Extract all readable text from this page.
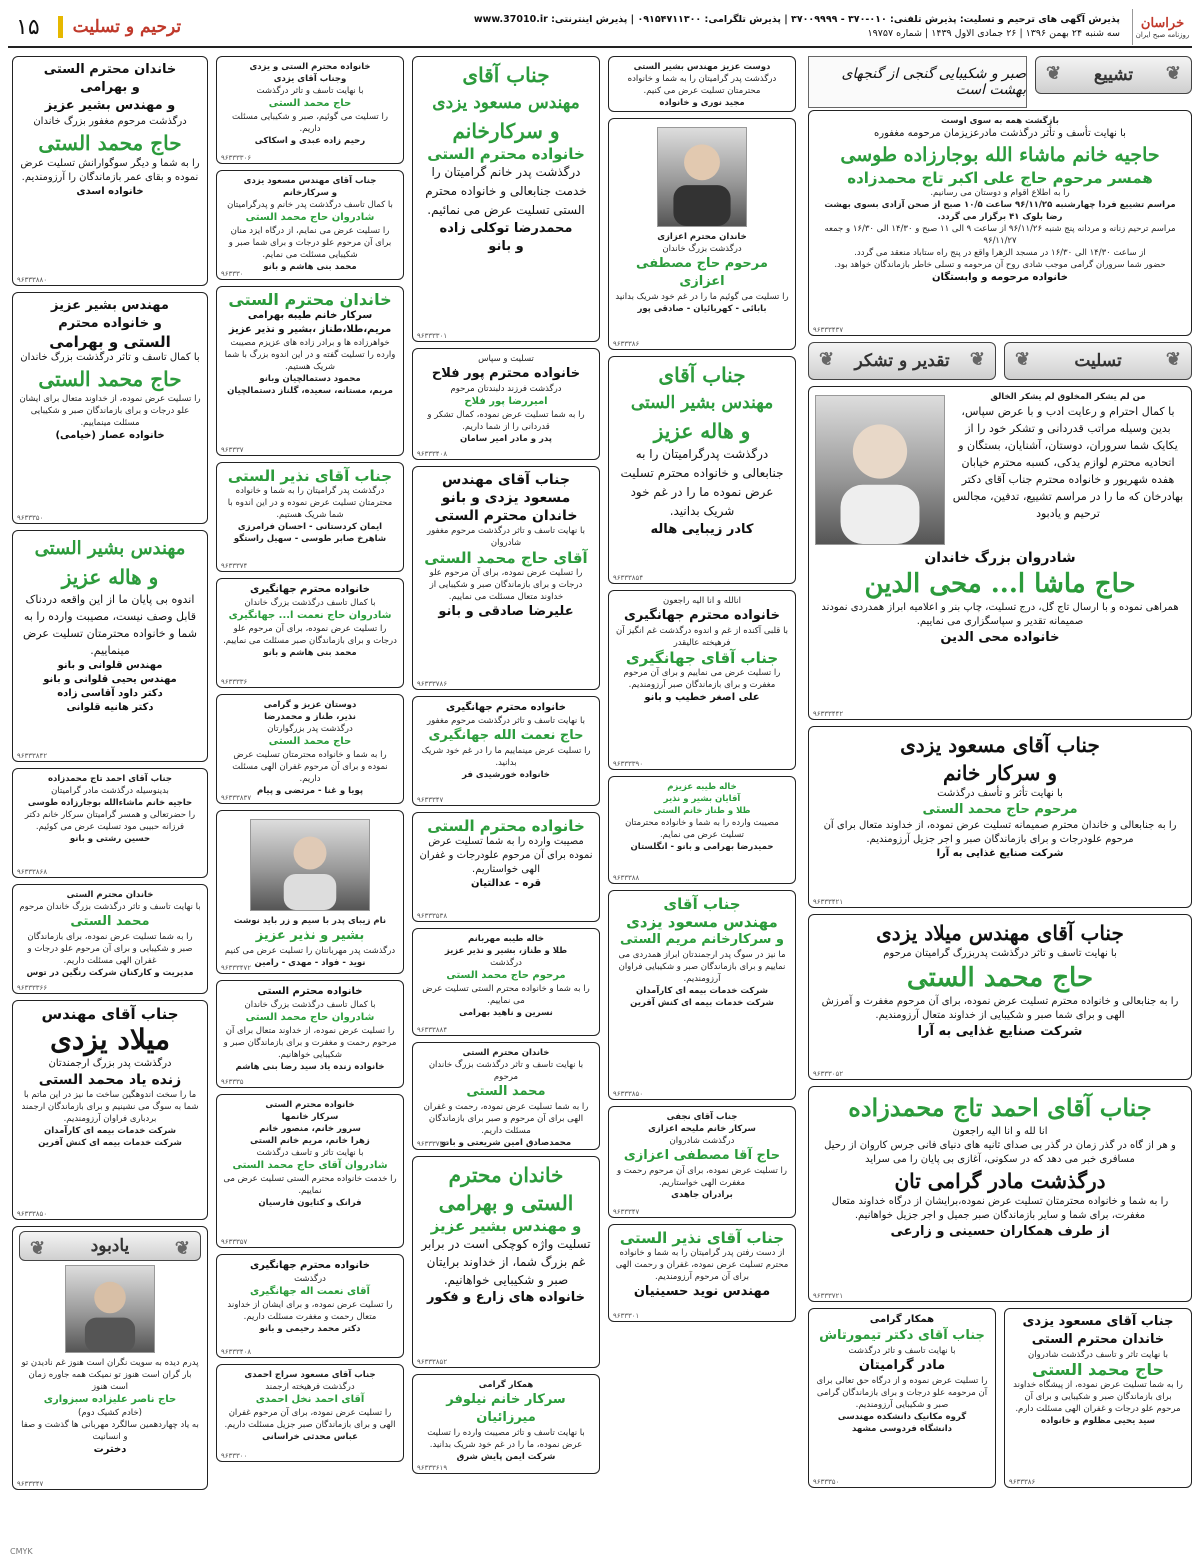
خراسان
روزنامه صبح ایران
پذیرش آگهی های ترحیم و تسلیت: پذیرش تلفنی: ۰۱۰-۳۷۰ - ۳۷۰۰۹۹۹۹ | پذیرش تلگرامی: ۰۹۱۵۴۷۱۱۳۰۰ | پذیرش اینترنتی: www.37010.ir
سه شنبه ۲۴ بهمن ۱۳۹۶ | ۲۶ جمادی الاول ۱۴۳۹ | شماره ۱۹۷۵۷
ترحیم و تسلیت
۱۵
❦ تشییع ❦
صبر و شکیبایی گنجی از گنجهای بهشت است
بازگشت همه به سوی اوست
با نهایت تأسف و تأثر درگذشت مادرعزیزمان مرحومه مغفوره
حاجیه خانم ماشاء الله بوجارزاده طوسی
همسر مرحوم حاج علی اکبر تاج محمدزاده
را به اطلاع اقوام و دوستان می رسانیم.
مراسم تشییع فردا چهارشنبه ۹۶/۱۱/۲۵ ساعت ۱۰/۵ صبح از صحن آزادی بسوی بهشت رضا بلوک ۴۱ برگزار می گردد.
مراسم ترحیم زنانه و مردانه پنج شنبه ۹۶/۱۱/۲۶ از ساعت ۹ الی ۱۱ صبح و ۱۴/۳۰ الی ۱۶/۳۰ و جمعه ۹۶/۱۱/۲۷
از ساعت ۱۴/۳۰ الی ۱۶/۳۰ در مسجد الزهرا واقع در پنج راه ستاباد منعقد می گردد.
حضور شما سروران گرامی موجب شادی روح آن مرحومه و تسلی خاطر بازماندگان خواهد بود.
خانواده مرحومه و وابستگان
۹۶۳۳۳۴۳۷
❦ تسلیت ❦
❦ تقدیر و تشکر ❦
من لم یشکر المخلوق لم یشکر الخالق
با کمال احترام و رعایت ادب و با عرض سپاس، بدین وسیله مراتب قدردانی و تشکر خود را از یکایک شما سروران، دوستان، آشنایان، بستگان و اتحادیه محترم لوازم یدکی، کسبه محترم خیابان هفده شهریور و خانواده محترم جناب آقای دکتر بهادرخان که ما را در مراسم تشییع، تدفین، مجالس ترحیم و یادبود
شادروان بزرگ خاندان
حاج ماشا ا... محی الدین
همراهی نموده و با ارسال تاج گل، درج تسلیت، چاپ بنر و اعلامیه ابراز همدردی نمودند صمیمانه تقدیر و سپاسگزاری می نماییم.
خانواده محی الدین
۹۶۳۳۳۴۴۲
جناب آقای مسعود یزدی
و سرکار خانم
با نهایت تأثر و تأسف درگذشت
مرحوم حاج محمد الستی
را به جنابعالی و خاندان محترم صمیمانه تسلیت عرض نموده، از خداوند متعال برای آن مرحوم علودرجات و برای بازماندگان صبر و اجر جزیل آرزومندیم.
شرکت صنایع غذایی به آرا
۹۶۳۳۳۴۲۱
جناب آقای مهندس میلاد یزدی
با نهایت تاسف و تاثر درگذشت پدربزرگ گرامیتان مرحوم
حاج محمد الستی
را به جنابعالی و خانواده محترم تسلیت عرض نموده، برای آن مرحوم مغفرت و آمرزش الهی و برای شما صبر و شکیبایی از خداوند متعال آرزومندیم.
شرکت صنایع غذایی به آرا
۹۶۳۳۳۰۵۲
جناب آقای احمد تاج محمدزاده
انا لله و انا الیه راجعون
و هر از گاه در گذر زمان در گذر بی صدای ثانیه های دنیای فانی جرس کاروان از رحیل مسافری خبر می دهد که در سکونی، آغازی بی پایان را می سراید
درگذشت مادر گرامی تان
را به شما و خانواده محترمتان تسلیت عرض نموده،برایشان از درگاه خداوند متعال مغفرت، برای شما و سایر بازماندگان صبر جمیل و اجر جزیل خواهانیم.
از طرف همکاران حسینی و زارعی
۹۶۳۳۳۷۲۱
جناب آقای مسعود یزدی
خاندان محترم الستی
با نهایت تاثر و تاسف درگذشت شادروان
حاج محمد الستی
را به شما تسلیت عرض نموده، از پیشگاه خداوند برای بازماندگان صبر و شکیبایی و برای آن مرحوم علو درجات و غفران الهی مسئلت دارم.
سید یحیی مظلوم و خانواده
۹۶۳۳۳۸۶
همکار گرامی
جناب آقای دکتر تیمورتاش
با نهایت تاسف و تاثر درگذشت
مادر گرامیتان
را تسلیت عرض نموده و از درگاه حق تعالی برای آن مرحومه علو درجات و برای بازماندگان گرامی صبر و شکیبایی آرزومندیم.
گروه مکانیک دانشکده مهندسی
دانشگاه فردوسی مشهد
۹۶۳۳۳۵۰
دوست عزیز مهندس بشیر الستی
درگذشت پدر گرامیتان را به شما و خانواده محترمتان تسلیت عرض می کنیم.
مجید نوری و خانواده
خاندان محترم اعزازی
درگذشت بزرگ خاندان
مرحوم حاج مصطفی اعزازی
را تسلیت می گوئیم ما را در غم خود شریک بدانید
بابائی - کهربائیان - صادقی پور
۹۶۳۳۳۸۶
جناب آقای
مهندس بشیر الستی
و هاله عزیز
درگذشت پدرگرامیتان را به جنابعالی و خانواده محترم تسلیت عرض نموده ما را در غم خود شریک بدانید.
کادر زیبایی هاله
۹۶۳۳۳۸۵۴
انالله و انا الیه راجعون
خانواده محترم جهانگیری
با قلبی آکنده از غم و اندوه درگذشت غم انگیز آن فرهیخته عالیقدر
جناب آقای جهانگیری
را تسلیت عرض می نماییم و برای آن مرحوم مغفرت و برای بازماندگان صبر آرزومندیم.
علی اصغر خطیب و بانو
۹۶۳۳۳۳۹۰
خاله طیبه عزیزم
آقایان بشیر و نذیر
طلا و طناز خانم الستی
مصیبت وارده را به شما و خانواده محترمتان تسلیت عرض می نمایم.
حمیدرضا بهرامی و بانو - انگلستان
۹۶۳۳۳۸۸
جناب آقای
مهندس مسعود یزدی
و سرکارخانم مریم الستی
ما نیز در سوگ پدر ارجمندتان ابراز همدردی می نماییم و برای بازماندگان صبر و شکیبایی فراوان آرزومندیم.
شرکت خدمات بیمه ای کارآمدان
شرکت خدمات بیمه ای کنش آفرین
۹۶۳۳۳۸۵۰
جناب آقای نجفی
سرکار خانم ملیحه اعزازی
درگذشت شادروان
حاج آقا مصطفی اعزازی
را تسلیت عرض نموده، برای آن مرحوم رحمت و مغفرت الهی خواستاریم.
برادران جاهدی
۹۶۳۳۳۴۷
جناب آقای نذیر الستی
از دست رفتن پدر گرامیتان را به شما و خانواده محترم تسلیت عرض نموده، غفران و رحمت الهی برای آن مرحوم آرزومندیم.
مهندس نوید حسینیان
۹۶۳۳۳۰۱
جناب آقای
مهندس مسعود یزدی
و سرکارخانم
خانواده محترم الستی
درگذشت پدر خانم گرامیتان را خدمت جنابعالی و خانواده محترم الستی تسلیت عرض می نمائیم.
محمدرضا توکلی زاده
و بانو
۹۶۳۳۳۳۰۱
تسلیت و سپاس
خانواده محترم پور فلاح
درگذشت فرزند دلبندتان مرحوم
امیررضا پور فلاح
را به شما تسلیت عرض نموده، کمال تشکر و قدردانی را از شما داریم.
پدر و مادر امیر سامان
۹۶۳۳۳۴۰۸
جناب آقای مهندس
مسعود یزدی و بانو
خاندان محترم الستی
با نهایت تاسف و تاثر درگذشت مرحوم مغفور شادروان
آقای حاج محمد الستی
را تسلیت عرض نموده، برای آن مرحوم علو درجات و برای بازماندگان صبر و شکیبایی از خداوند متعال مسئلت می نماییم.
علیرضا صادقی و بانو
۹۶۳۳۳۷۸۶
خانواده محترم جهانگیری
با نهایت تاسف و تاثر درگذشت مرحوم مغفور
حاج نعمت الله جهانگیری
را تسلیت عرض مینماییم ما را در غم خود شریک بدانید.
خانواده خورشیدی فر
۹۶۳۳۳۴۷
خانواده محترم الستی
مصیبت وارده را به شما تسلیت عرض نموده برای آن مرحوم علودرجات و غفران الهی خواستاریم.
قره - عدالتیان
۹۶۳۳۳۵۳۸
خاله طیبه مهربانم
طلا و طناز، بشیر و نذیر عزیز
درگذشت
مرحوم حاج محمد الستی
را به شما و خانواده محترم الستی تسلیت عرض می نماییم.
نسرین و ناهید بهرامی
۹۶۳۳۳۸۸۴
خاندان محترم الستی
با نهایت تاسف و تاثر درگذشت بزرگ خاندان مرحوم
محمد الستی
را به شما تسلیت عرض نموده، رحمت و غفران الهی برای آن مرحوم و صبر برای بازماندگان مسئلت داریم.
محمدصادق امین شریعتی و بانو
۹۶۳۳۳۷۴۲
خاندان محترم
الستی و بهرامی
و مهندس بشیر عزیز
تسلیت واژه کوچکی است در برابر غم بزرگ شما، از خداوند برایتان صبر و شکیبایی خواهانیم.
خانواده های زارع و فکور
۹۶۳۳۳۸۵۲
همکار گرامی
سرکار خانم نیلوفر میرزائیان
با نهایت تاسف و تاثر مصیبت وارده را تسلیت عرض نموده، ما را در غم خود شریک بدانید.
شرکت ایمن پایش شرق
۹۶۳۳۳۶۱۹
خانواده محترم الستی و یزدی
وجناب آقای یزدی
با نهایت تاسف و تاثر درگذشت
حاج محمد الستی
را تسلیت می گوئیم، صبر و شکیبایی مسئلت داریم.
رحیم زاده عبدی و اسکاکی
۹۶۳۳۳۳۰۶
جناب آقای مهندس مسعود یزدی
و سرکارخانم
با کمال تاسف درگذشت پدر خانم و پدرگرامیتان
شادروان حاج محمد الستی
را تسلیت عرض می نمایم، از درگاه ایزد منان برای آن مرحوم علو درجات و برای شما صبر و شکیبایی مسئلت می نمایم.
محمد بنی هاشم و بانو
۹۶۳۳۳۰
خاندان محترم الستی
سرکار خانم طیبه بهرامی
مریم،طلا،طناز ،بشیر و نذیر عزیز
خواهرزاده ها و برادر زاده های عزیزم مصیبت وارده را تسلیت گفته و در این اندوه بزرگ با شما شریک هستیم.
محمود دستمالچیان وبانو
مریم، مستانه، سعیده، گلناز دستمالچیان
۹۶۳۳۳۷
جناب آقای نذیر الستی
درگذشت پدر گرامیتان را به شما و خانواده محترمتان تسلیت عرض نموده و در این اندوه با شما شریک هستیم.
ایمان کردستانی - احسان فرامرزی
شاهرخ صابر طوسی - سهیل راستگو
۹۶۳۳۳۷۴
خانواده محترم جهانگیری
با کمال تاسف درگذشت بزرگ خاندان
شادروان حاج نعمت ا... جهانگیری
را تسلیت عرض نموده، برای آن مرحوم علو درجات و برای بازماندگان صبر مسئلت می نماییم.
محمد بنی هاشم و بانو
۹۶۳۳۳۳۶
دوستان عزیز و گرامی
نذیر، طناز و محمدرضا
درگذشت پدر بزرگوارتان
حاج محمد الستی
را به شما و خانواده محترمتان تسلیت عرض نموده و برای آن مرحوم غفران الهی مسئلت داریم.
پویا و غنا - مرتضی و پیام
۹۶۳۳۳۸۳۷
نام زیبای پدر با سیم و زر باید نوشت
بشیر و نذیر عزیز
درگذشت پدر مهربانتان را تسلیت عرض می کنیم
نوید - فواد - مهدی - رامین
۹۶۳۳۳۴۷۲
خانواده محترم الستی
با کمال تاسف درگذشت بزرگ خاندان
شادروان حاج محمد الستی
را تسلیت عرض نموده، از خداوند متعال برای آن مرحوم رحمت و مغفرت و برای بازماندگان صبر و شکیبایی خواهانیم.
خانواده زنده یاد سید رضا بنی هاشم
۹۶۳۳۳۵
خانواده محترم الستی
سرکار خانمها
سرور خانم، منصور خانم
زهرا خانم، مریم خانم الستی
با نهایت تاثر و تاسف درگذشت
شادروان آقای حاج محمد الستی
را خدمت خانواده محترم الستی تسلیت عرض می نماییم.
فرانک و کتایون فارسیان
۹۶۳۳۳۵۷
خانواده محترم جهانگیری
درگذشت
آقای نعمت اله جهانگیری
را تسلیت عرض نموده، و برای ایشان از خداوند متعال رحمت و مغفرت مسئلت داریم.
دکتر محمد رحیمی و بانو
۹۶۳۳۳۴۰۸
جناب آقای مسعود سراج احمدی
درگذشت فرهیخته ارجمند
آقای احمد نخل احمدی
را تسلیت عرض نموده، برای آن مرحوم غفران الهی و برای بازماندگان صبر جزیل مسئلت داریم.
عباس محدثی خراسانی
۹۶۳۳۳۰۰
خاندان محترم الستی
و بهرامی
و مهندس بشیر عزیز
درگذشت مرحوم مغفور بزرگ خاندان
حاج محمد الستی
را به شما و دیگر سوگوارانش تسلیت عرض نموده و بقای عمر بازماندگان را آرزومندیم.
خانواده اسدی
۹۶۳۳۳۸۸۰
مهندس بشیر عزیز
و خانواده محترم
الستی و بهرامی
با کمال تاسف و تاثر درگذشت بزرگ خاندان
حاج محمد الستی
را تسلیت عرض نموده، از خداوند متعال برای ایشان علو درجات و برای بازماندگان صبر و شکیبایی مسئلت مینماییم.
خانواده عصار (خیامی)
۹۶۳۳۳۵۰
مهندس بشیر الستی
و هاله عزیز
اندوه بی پایان ما از این واقعه دردناک قابل وصف نیست، مصیبت وارده را به شما و خانواده محترمتان تسلیت عرض مینماییم.
مهندس قلوانی و بانو
مهندس یحیی قلوانی و بانو
دکتر داود آقاسی زاده
دکتر هانیه قلوانی
۹۶۳۳۳۸۴۲
جناب آقای احمد تاج محمدزاده
بدینوسیله درگذشت مادر گرامیتان
حاجیه خانم ماشاءالله بوجارزاده طوسی
را حضرتعالی و همسر گرامیتان سرکار خانم دکتر فرزانه حبیبی مود تسلیت عرض می کوئیم.
حسین رشتی و بانو
۹۶۳۳۳۸۶۸
خاندان محترم الستی
با نهایت تاسف و تاثر درگذشت بزرگ خاندان مرحوم
محمد الستی
را به شما تسلیت عرض نموده، برای بازماندگان صبر و شکیبایی و برای آن مرحوم علو درجات و غفران الهی مسئلت داریم.
مدیریت و کارکنان شرکت رنگین در توس
۹۶۳۳۳۳۶۶
جناب آقای مهندس
میلاد یزدی
درگذشت پدر بزرگ ارجمندتان
زنده یاد محمد الستی
ما را سخت اندوهگین ساخت ما نیز در این ماتم با شما به سوگ می نشینیم و برای بازماندگان ارجمند بردباری فراوان آرزومندیم.
شرکت خدمات بیمه ای کارآمدان
شرکت خدمات بیمه ای کنش آفرین
۹۶۳۳۳۸۵۰
❦ یادبود ❦
پدرم دیده به سویت نگران است هنوز غم نادیدن تو بار گران است هنوز تو نمیکت همه جاوره زمان است هنوز
حاج ناصر علیزاده سبزواری
(خادم کشیک دوم)
به یاد چهاردهمین سالگرد مهربانی ها گذشت و صفا و انسانیت
دخترت
۹۶۳۳۳۴۷
CMYK
